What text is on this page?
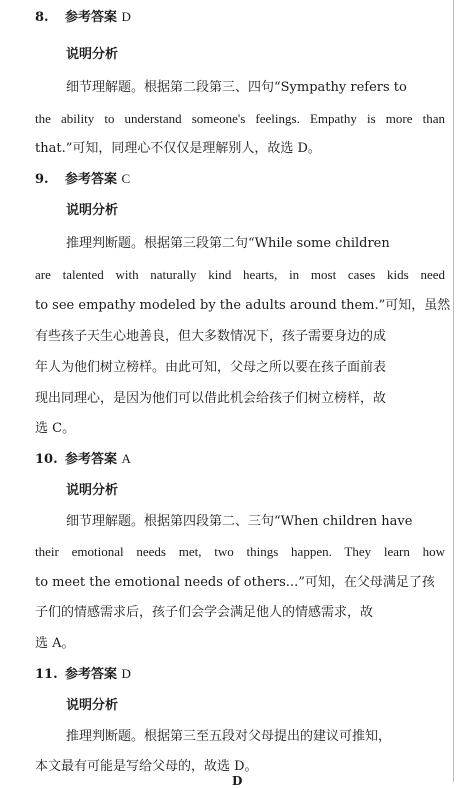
8. 参考答案 D
说明分析
细节理解题。根据第二段第三、四句“Sympathy refers to
the ability to understand someone's feelings. Empathy is more than
that.”可知，同理心不仅仅是理解别人，故选 D。
9. 参考答案 C
说明分析
推理判断题。根据第三段第二句“While some children
are talented with naturally kind hearts, in most cases kids need
to see empathy modeled by the adults around them.”可知，虽然
有些孩子天生心地善良，但大多数情况下，孩子需要身边的成
年人为他们树立榜样。由此可知，父母之所以要在孩子面前表
现出同理心，是因为他们可以借此机会给孩子们树立榜样，故
选 C。
10. 参考答案 A
说明分析
细节理解题。根据第四段第二、三句“When children have
their emotional needs met, two things happen. They learn how
to meet the emotional needs of others...”可知，在父母满足了孩
子们的情感需求后，孩子们会学会满足他人的情感需求，故
选 A。
11. 参考答案 D
说明分析
推理判断题。根据第三至五段对父母提出的建议可推知，
本文最有可能是写给父母的，故选 D。
D
